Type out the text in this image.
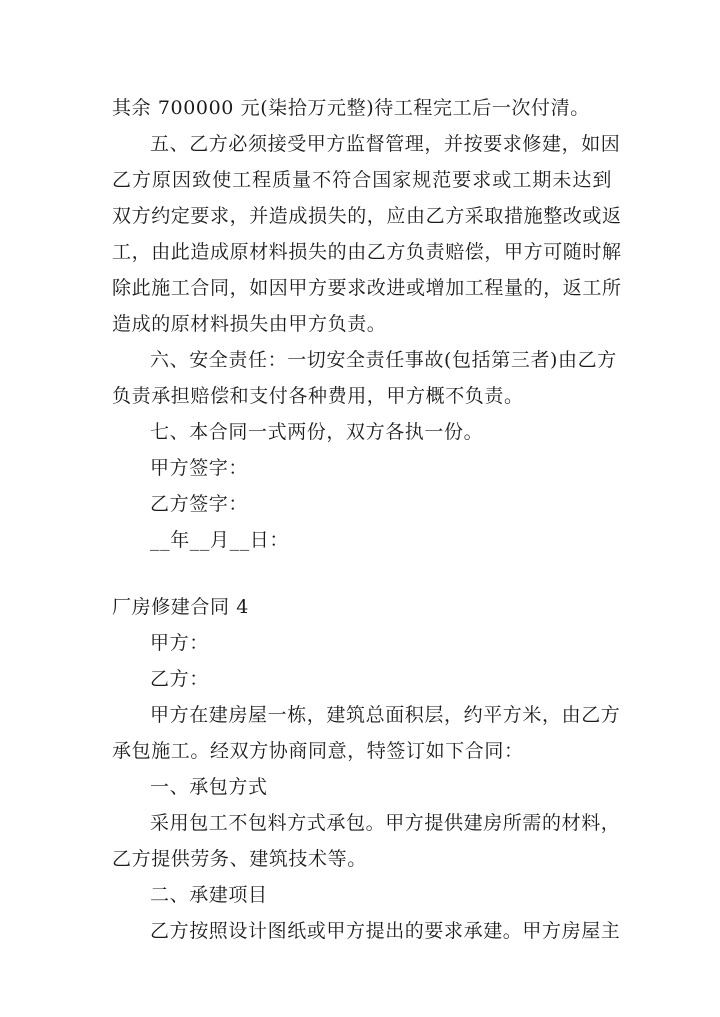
其余 700000 元(柒拾万元整)待工程完工后一次付清。
五、乙方必须接受甲方监督管理，并按要求修建，如因
乙方原因致使工程质量不符合国家规范要求或工期未达到
双方约定要求，并造成损失的，应由乙方采取措施整改或返
工，由此造成原材料损失的由乙方负责赔偿，甲方可随时解
除此施工合同，如因甲方要求改进或增加工程量的，返工所
造成的原材料损失由甲方负责。
六、安全责任：一切安全责任事故(包括第三者)由乙方
负责承担赔偿和支付各种费用，甲方概不负责。
七、本合同一式两份，双方各执一份。
甲方签字：
乙方签字：
__年__月__日：
厂房修建合同 4
甲方：
乙方：
甲方在建房屋一栋，建筑总面积层，约平方米，由乙方
承包施工。经双方协商同意，特签订如下合同：
一、承包方式
采用包工不包料方式承包。甲方提供建房所需的材料，
乙方提供劳务、建筑技术等。
二、承建项目
乙方按照设计图纸或甲方提出的要求承建。甲方房屋主
